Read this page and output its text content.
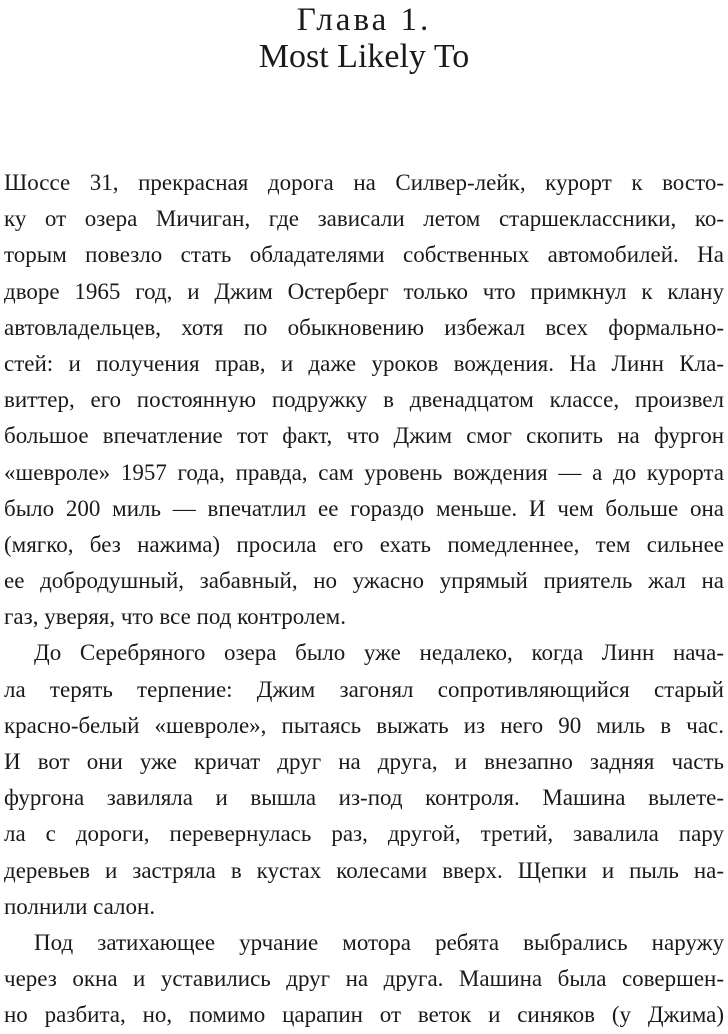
Глава 1.
Most Likely To
Шоссе 31, прекрасная дорога на Силвер-лейк, курорт к восто-
ку от озера Мичиган, где зависали летом старшеклассники, ко-
торым повезло стать обладателями собственных автомобилей. На
дворе 1965 год, и Джим Остерберг только что примкнул к клану
автовладельцев, хотя по обыкновению избежал всех формально-
стей: и получения прав, и даже уроков вождения. На Линн Кла-
виттер, его постоянную подружку в двенадцатом классе, произвел
большое впечатление тот факт, что Джим смог скопить на фургон
«шевроле» 1957 года, правда, сам уровень вождения — а до курорта
было 200 миль — впечатлил ее гораздо меньше. И чем больше она
(мягко, без нажима) просила его ехать помедленнее, тем сильнее
ее добродушный, забавный, но ужасно упрямый приятель жал на
газ, уверяя, что все под контролем.
До Серебряного озера было уже недалеко, когда Линн нача-
ла терять терпение: Джим загонял сопротивляющийся старый
красно-белый «шевроле», пытаясь выжать из него 90 миль в час.
И вот они уже кричат друг на друга, и внезапно задняя часть
фургона завиляла и вышла из-под контроля. Машина вылете-
ла с дороги, перевернулась раз, другой, третий, завалила пару
деревьев и застряла в кустах колесами вверх. Щепки и пыль на-
полнили салон.
Под затихающее урчание мотора ребята выбрались наружу
через окна и уставились друг на друга. Машина была совершен-
но разбита, но, помимо царапин от веток и синяков (у Джима)
